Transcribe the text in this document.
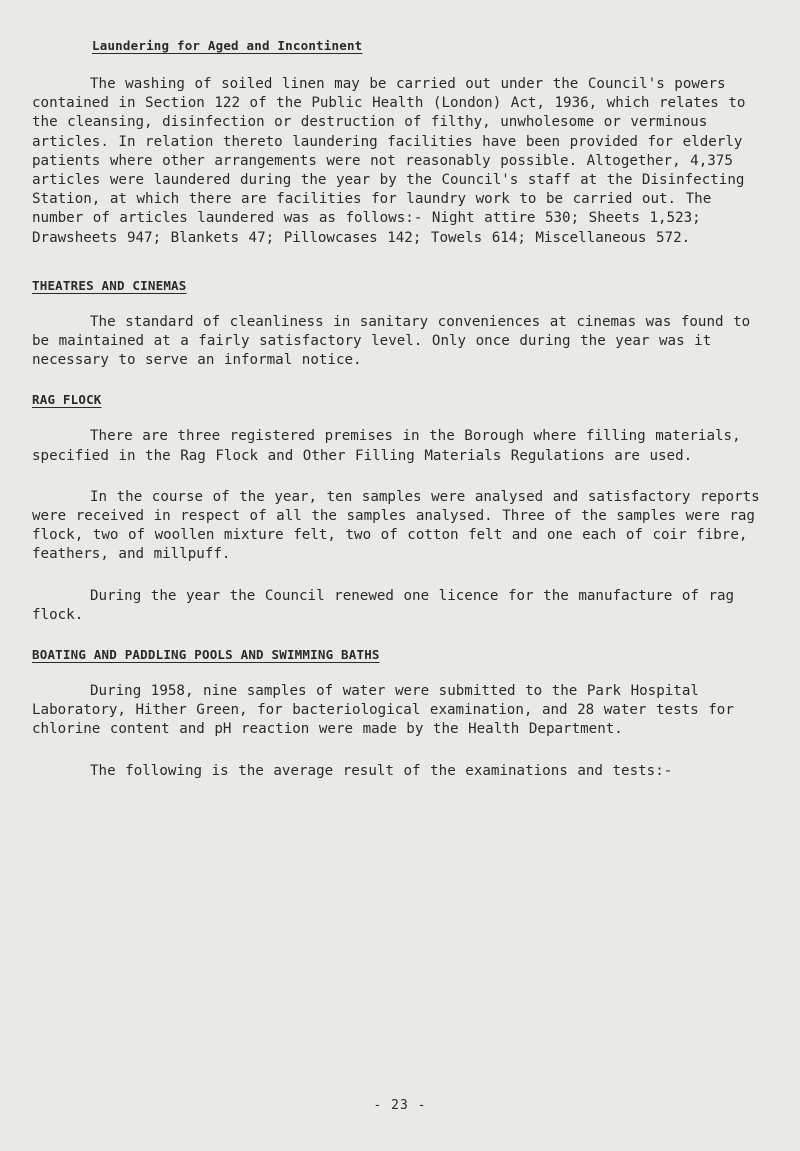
Laundering for Aged and Incontinent
The washing of soiled linen may be carried out under the Council's powers contained in Section 122 of the Public Health (London) Act, 1936, which relates to the cleansing, disinfection or destruction of filthy, unwholesome or verminous articles. In relation thereto laundering facilities have been provided for elderly patients where other arrangements were not reasonably possible. Altogether, 4,375 articles were laundered during the year by the Council's staff at the Disinfecting Station, at which there are facilities for laundry work to be carried out. The number of articles laundered was as follows:- Night attire 530; Sheets 1,523; Drawsheets 947; Blankets 47; Pillowcases 142; Towels 614; Miscellaneous 572.
THEATRES AND CINEMAS
The standard of cleanliness in sanitary conveniences at cinemas was found to be maintained at a fairly satisfactory level. Only once during the year was it necessary to serve an informal notice.
RAG FLOCK
There are three registered premises in the Borough where filling materials, specified in the Rag Flock and Other Filling Materials Regulations are used.
In the course of the year, ten samples were analysed and satisfactory reports were received in respect of all the samples analysed. Three of the samples were rag flock, two of woollen mixture felt, two of cotton felt and one each of coir fibre, feathers, and millpuff.
During the year the Council renewed one licence for the manufacture of rag flock.
BOATING AND PADDLING POOLS AND SWIMMING BATHS
During 1958, nine samples of water were submitted to the Park Hospital Laboratory, Hither Green, for bacteriological examination, and 28 water tests for chlorine content and pH reaction were made by the Health Department.
The following is the average result of the examinations and tests:-
- 23 -
